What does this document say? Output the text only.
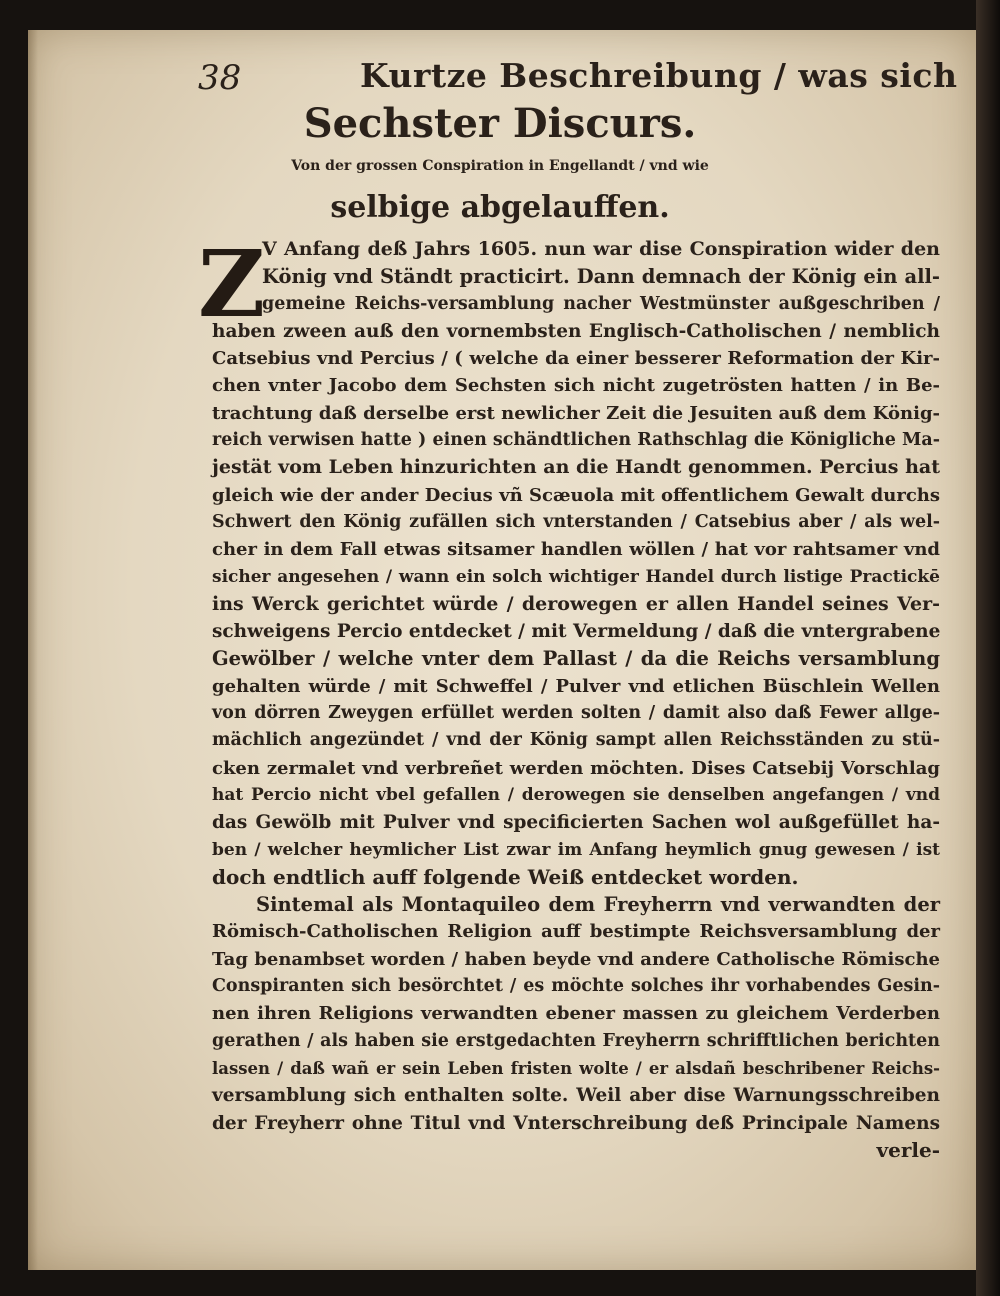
38	Kurtze Beschreibung / was sich
Sechster Discurs.
Von der grossen Conspiration in Engellandt / vnd wie
selbige abgelauffen.
Z
V Anfang deß Jahrs 1605. nun war dise Conspiration wider den
König vnd Ständt practicirt. Dann demnach der König ein all-
gemeine Reichs-versamblung nacher Westmünster außgeschriben /
haben zween auß den vornembsten Englisch-Catholischen / nemblich
Catsebius vnd Percius / ( welche da einer besserer Reformation der Kir-
chen vnter Jacobo dem Sechsten sich nicht zugetrösten hatten / in Be-
trachtung daß derselbe erst newlicher Zeit die Jesuiten auß dem König-
reich verwisen hatte ) einen schändtlichen Rathschlag die Königliche Ma-
jestät vom Leben hinzurichten an die Handt genommen. Percius hat
gleich wie der ander Decius vñ Scæuola mit offentlichem Gewalt durchs
Schwert den König zufällen sich vnterstanden / Catsebius aber / als wel-
cher in dem Fall etwas sitsamer handlen wöllen / hat vor rahtsamer vnd
sicher angesehen / wann ein solch wichtiger Handel durch listige Practickē
ins Werck gerichtet würde / derowegen er allen Handel seines Ver-
schweigens Percio entdecket / mit Vermeldung / daß die vntergrabene
Gewölber / welche vnter dem Pallast / da die Reichs versamblung
gehalten würde / mit Schweffel / Pulver vnd etlichen Büschlein Wellen
von dörren Zweygen erfüllet werden solten / damit also daß Fewer allge-
mächlich angezündet / vnd der König sampt allen Reichsständen zu stü-
cken zermalet vnd verbreñet werden möchten. Dises Catsebij Vorschlag
hat Percio nicht vbel gefallen / derowegen sie denselben angefangen / vnd
das Gewölb mit Pulver vnd specificierten Sachen wol außgefüllet ha-
ben / welcher heymlicher List zwar im Anfang heymlich gnug gewesen / ist
doch endtlich auff folgende Weiß entdecket worden.
Sintemal als Montaquileo dem Freyherrn vnd verwandten der
Römisch-Catholischen Religion auff bestimpte Reichsversamblung der
Tag benambset worden / haben beyde vnd andere Catholische Römische
Conspiranten sich besörchtet / es möchte solches ihr vorhabendes Gesin-
nen ihren Religions verwandten ebener massen zu gleichem Verderben
gerathen / als haben sie erstgedachten Freyherrn schrifftlichen berichten
lassen / daß wañ er sein Leben fristen wolte / er alsdañ beschribener Reichs-
versamblung sich enthalten solte. Weil aber dise Warnungsschreiben
der Freyherr ohne Titul vnd Vnterschreibung deß Principale Namens
verle-
